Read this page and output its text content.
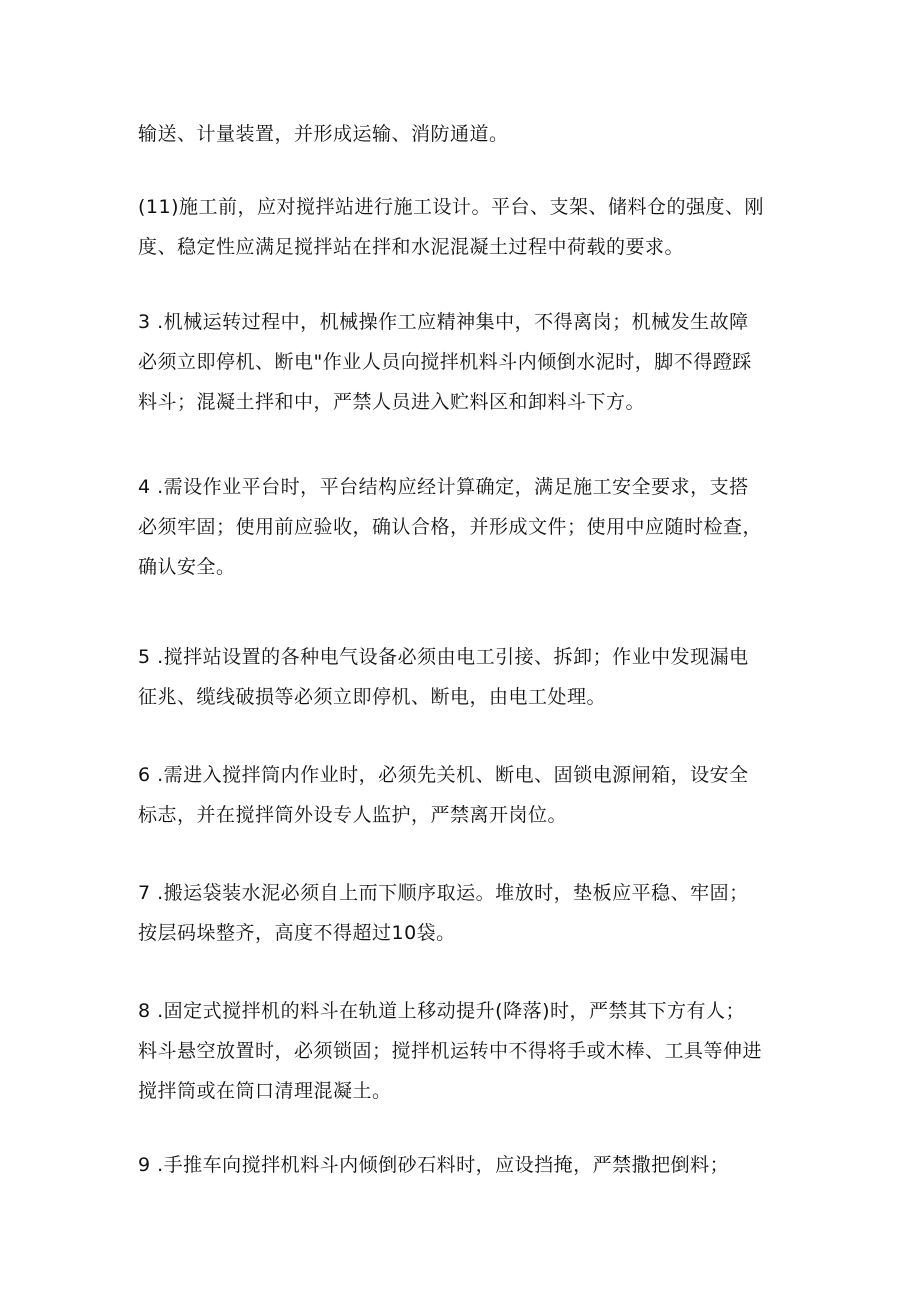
输送、计量装置，并形成运输、消防通道。

(11)施工前，应对搅拌站进行施工设计。平台、支架、储料仓的强度、刚
度、稳定性应满足搅拌站在拌和水泥混凝土过程中荷载的要求。

3 .机械运转过程中，机械操作工应精神集中，不得离岗；机械发生故障
必须立即停机、断电"作业人员向搅拌机料斗内倾倒水泥时，脚不得蹬踩
料斗；混凝土拌和中，严禁人员进入贮料区和卸料斗下方。

4 .需设作业平台时，平台结构应经计算确定，满足施工安全要求，支搭
必须牢固；使用前应验收，确认合格，并形成文件；使用中应随时检查，
确认安全。

5 .搅拌站设置的各种电气设备必须由电工引接、拆卸；作业中发现漏电
征兆、缆线破损等必须立即停机、断电，由电工处理。

6 .需进入搅拌筒内作业时，必须先关机、断电、固锁电源闸箱，设安全
标志，并在搅拌筒外设专人监护，严禁离开岗位。

7 .搬运袋装水泥必须自上而下顺序取运。堆放时，垫板应平稳、牢固；
按层码垛整齐，高度不得超过10袋。

8 .固定式搅拌机的料斗在轨道上移动提升(降落)时，严禁其下方有人；
料斗悬空放置时，必须锁固；搅拌机运转中不得将手或木棒、工具等伸进
搅拌筒或在筒口清理混凝土。

9 .手推车向搅拌机料斗内倾倒砂石料时，应设挡掩，严禁撒把倒料；
